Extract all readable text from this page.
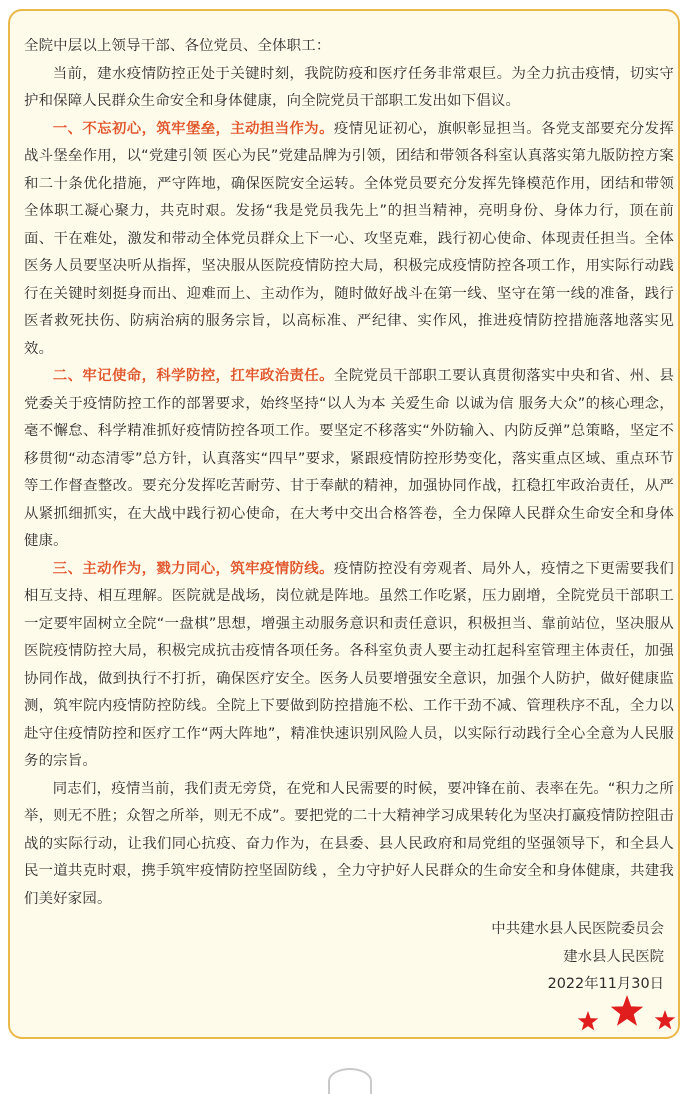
全院中层以上领导干部、各位党员、全体职工：

当前，建水疫情防控正处于关键时刻，我院防疫和医疗任务非常艰巨。为全力抗击疫情，切实守护和保障人民群众生命安全和身体健康，向全院党员干部职工发出如下倡议。

一、不忘初心，筑牢堡垒，主动担当作为。疫情见证初心，旗帜彰显担当。各党支部要充分发挥战斗堡垒作用，以“党建引领 医心为民”党建品牌为引领，团结和带领各科室认真落实第九版防控方案和二十条优化措施，严守阵地，确保医院安全运转。全体党员要充分发挥先锋模范作用，团结和带领全体职工凝心聚力，共克时艰。发扬“我是党员我先上”的担当精神，亮明身份、身体力行，顶在前面、干在难处，激发和带动全体党员群众上下一心、攻坚克难，践行初心使命、体现责任担当。全体医务人员要坚决听从指挥，坚决服从医院疫情防控大局，积极完成疫情防控各项工作，用实际行动践行在关键时刻挺身而出、迎难而上、主动作为，随时做好战斗在第一线、坚守在第一线的准备，践行医者救死扶伤、防病治病的服务宗旨，以高标准、严纪律、实作风，推进疫情防控措施落地落实见效。

二、牢记使命，科学防控，扛牢政治责任。全院党员干部职工要认真贯彻落实中央和省、州、县党委关于疫情防控工作的部署要求，始终坚持“以人为本 关爱生命 以诚为信 服务大众”的核心理念，毫不懈怠、科学精准抓好疫情防控各项工作。要坚定不移落实“外防输入、内防反弹”总策略，坚定不移贯彻“动态清零”总方针，认真落实“四早”要求，紧跟疫情防控形势变化，落实重点区域、重点环节等工作督查整改。要充分发挥吃苦耐劳、甘于奉献的精神，加强协同作战，扛稳扛牢政治责任，从严从紧抓细抓实，在大战中践行初心使命，在大考中交出合格答卷，全力保障人民群众生命安全和身体健康。

三、主动作为，戮力同心，筑牢疫情防线。疫情防控没有旁观者、局外人，疫情之下更需要我们相互支持、相互理解。医院就是战场，岗位就是阵地。虽然工作吃紧，压力剧增，全院党员干部职工一定要牢固树立全院“一盘棋”思想，增强主动服务意识和责任意识，积极担当、靠前站位，坚决服从医院疫情防控大局，积极完成抗击疫情各项任务。各科室负责人要主动扛起科室管理主体责任，加强协同作战，做到执行不打折，确保医疗安全。医务人员要增强安全意识，加强个人防护，做好健康监测，筑牢院内疫情防控防线。全院上下要做到防控措施不松、工作干劲不减、管理秩序不乱，全力以赴守住疫情防控和医疗工作“两大阵地”，精准快速识别风险人员，以实际行动践行全心全意为人民服务的宗旨。

同志们，疫情当前，我们责无旁贷，在党和人民需要的时候，要冲锋在前、表率在先。“积力之所举，则无不胜；众智之所举，则无不成”。要把党的二十大精神学习成果转化为坚决打赢疫情防控阻击战的实际行动，让我们同心抗疫、奋力作为，在县委、县人民政府和局党组的坚强领导下，和全县人民一道共克时艰，携手筑牢疫情防控坚固防线 ，全力守护好人民群众的生命安全和身体健康，共建我们美好家园。

中共建水县人民医院委员会
建水县人民医院
2022年11月30日
